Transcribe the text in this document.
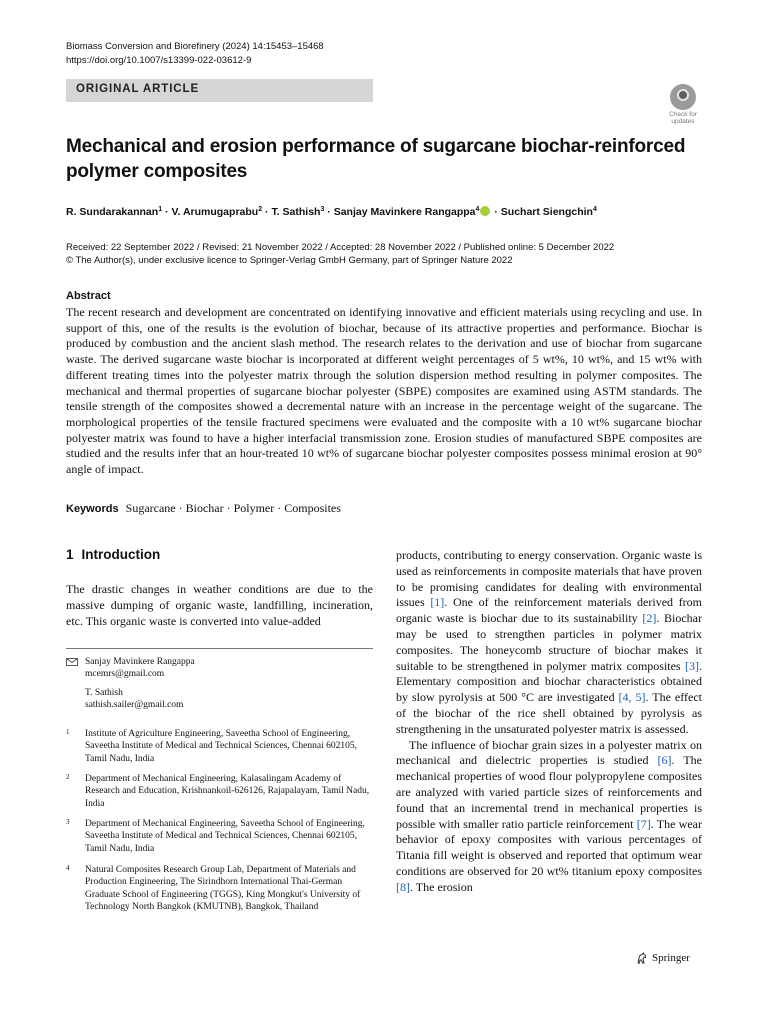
Biomass Conversion and Biorefinery (2024) 14:15453–15468
https://doi.org/10.1007/s13399-022-03612-9
ORIGINAL ARTICLE
Check for
updates
Mechanical and erosion performance of sugarcane biochar-reinforced polymer composites
R. Sundarakannan$^1$ · V. Arumugaprabu$^2$ · T. Sathish$^3$ · Sanjay Mavinkere Rangappa$^4$ · Suchart Siengchin$^4$
Received: 22 September 2022 / Revised: 21 November 2022 / Accepted: 28 November 2022 / Published online: 5 December 2022
© The Author(s), under exclusive licence to Springer-Verlag GmbH Germany, part of Springer Nature 2022
Abstract
The recent research and development are concentrated on identifying innovative and efficient materials using recycling and use. In support of this, one of the results is the evolution of biochar, because of its attractive properties and performance. Biochar is produced by combustion and the ancient slash method. The research relates to the derivation and use of biochar from sugarcane waste. The derived sugarcane waste biochar is incorporated at different weight percentages of 5 wt%, 10 wt%, and 15 wt% with different treating times into the polyester matrix through the solution dispersion method resulting in polymer composites. The mechanical and thermal properties of sugarcane biochar polyester (SBPE) composites are examined using ASTM standards. The tensile strength of the composites showed a decremental nature with an increase in the percentage weight of the sugarcane. The morphological properties of the tensile fractured specimens were evaluated and the composite with a 10 wt% sugarcane biochar polyester matrix was found to have a higher interfacial transmission zone. Erosion studies of manufactured SBPE composites are studied and the results infer that an hour-treated 10 wt% of sugarcane biochar polyester composites possess minimal erosion at 90° angle of impact.
Keywords Sugarcane · Biochar · Polymer · Composites
1 Introduction

The drastic changes in weather conditions are due to the massive dumping of organic waste, landfilling, incineration, etc. This organic waste is converted into value-added

products, contributing to energy conservation. Organic waste is used as reinforcements in composite materials that have proven to be promising candidates for dealing with environmental issues [1]. One of the reinforcement materials derived from organic waste is biochar due to its sustainability [2]. Biochar may be used to strengthen particles in polymer matrix composites. The honeycomb structure of biochar makes it suitable to be strengthened in polymer matrix composites [3]. Elementary composition and biochar characteristics obtained by slow pyrolysis at 500 °C are investigated [4, 5]. The effect of the biochar of the rice shell obtained by pyrolysis as strengthening in the unsaturated polyester matrix is assessed.

The influence of biochar grain sizes in a polyester matrix on mechanical and dielectric properties is studied [6]. The mechanical properties of wood flour polypropylene composites are analyzed with varied particle sizes of reinforcements and found that an incremental trend in mechanical properties is possible with smaller ratio particle reinforcement [7]. The wear behavior of epoxy composites with various percentages of Titania fill weight is observed and reported that optimum wear conditions are observed for 20 wt% titanium epoxy composites [8]. The erosion

Sanjay Mavinkere Rangappa
mcemrs@gmail.com
T. Sathish
sathish.sailer@gmail.com
1 Institute of Agriculture Engineering, Saveetha School of Engineering, Saveetha Institute of Medical and Technical Sciences, Chennai 602105, Tamil Nadu, India
2 Department of Mechanical Engineering, Kalasalingam Academy of Research and Education, Krishnankoil-626126, Rajapalayam, Tamil Nadu, India
3 Department of Mechanical Engineering, Saveetha School of Engineering, Saveetha Institute of Medical and Technical Sciences, Chennai 602105, Tamil Nadu, India
4 Natural Composites Research Group Lab, Department of Materials and Production Engineering, The Sirindhorn International Thai-German Graduate School of Engineering (TGGS), King Mongkut's University of Technology North Bangkok (KMUTNB), Bangkok, Thailand
Springer
